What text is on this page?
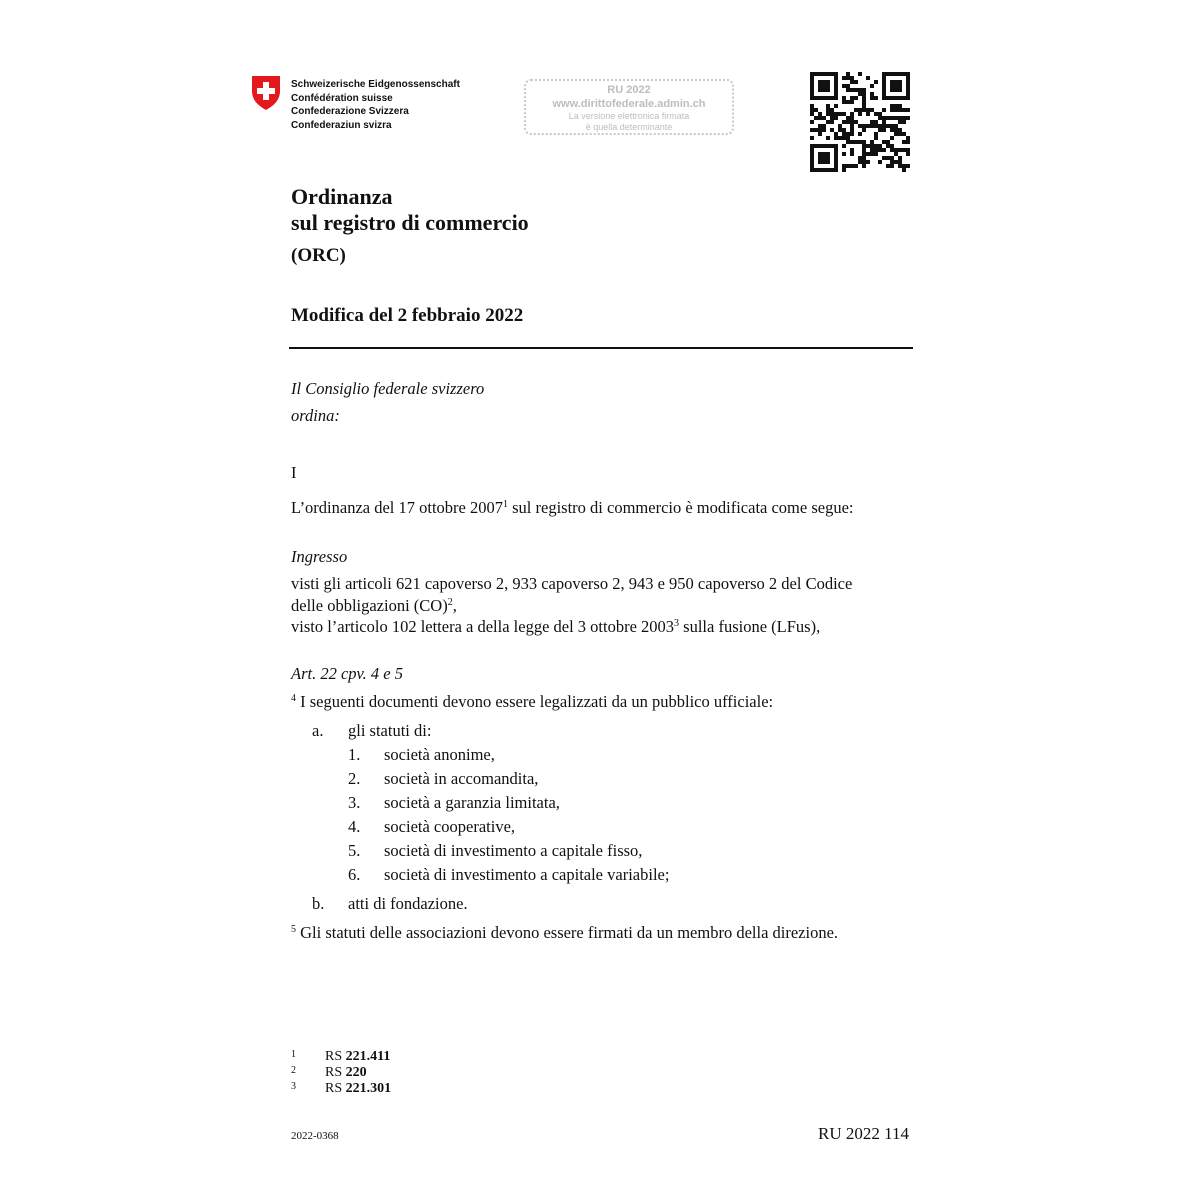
Schweizerische Eidgenossenschaft
Confédération suisse
Confederazione Svizzera
Confederaziun svizra
RU 2022
www.dirittofederale.admin.ch
La versione elettronica firmata
è quella determinante
Ordinanza
sul registro di commercio
(ORC)
Modifica del 2 febbraio 2022
Il Consiglio federale svizzero
ordina:
I
L’ordinanza del 17 ottobre 2007$^1$ sul registro di commercio è modificata come segue:
Ingresso
visti gli articoli 621 capoverso 2, 933 capoverso 2, 943 e 950 capoverso 2 del Codice
delle obbligazioni (CO)$^2$,
visto l’articolo 102 lettera a della legge del 3 ottobre 2003$^3$ sulla fusione (LFus),
Art. 22 cpv. 4 e 5
$^4$ I seguenti documenti devono essere legalizzati da un pubblico ufficiale:
a. gli statuti di:
1. società anonime,
2. società in accomandita,
3. società a garanzia limitata,
4. società cooperative,
5. società di investimento a capitale fisso,
6. società di investimento a capitale variabile;
b. atti di fondazione.
$^5$ Gli statuti delle associazioni devono essere firmati da un membro della direzione.
1 RS 221.411
2 RS 220
3 RS 221.301
2022-0368	RU 2022 114
